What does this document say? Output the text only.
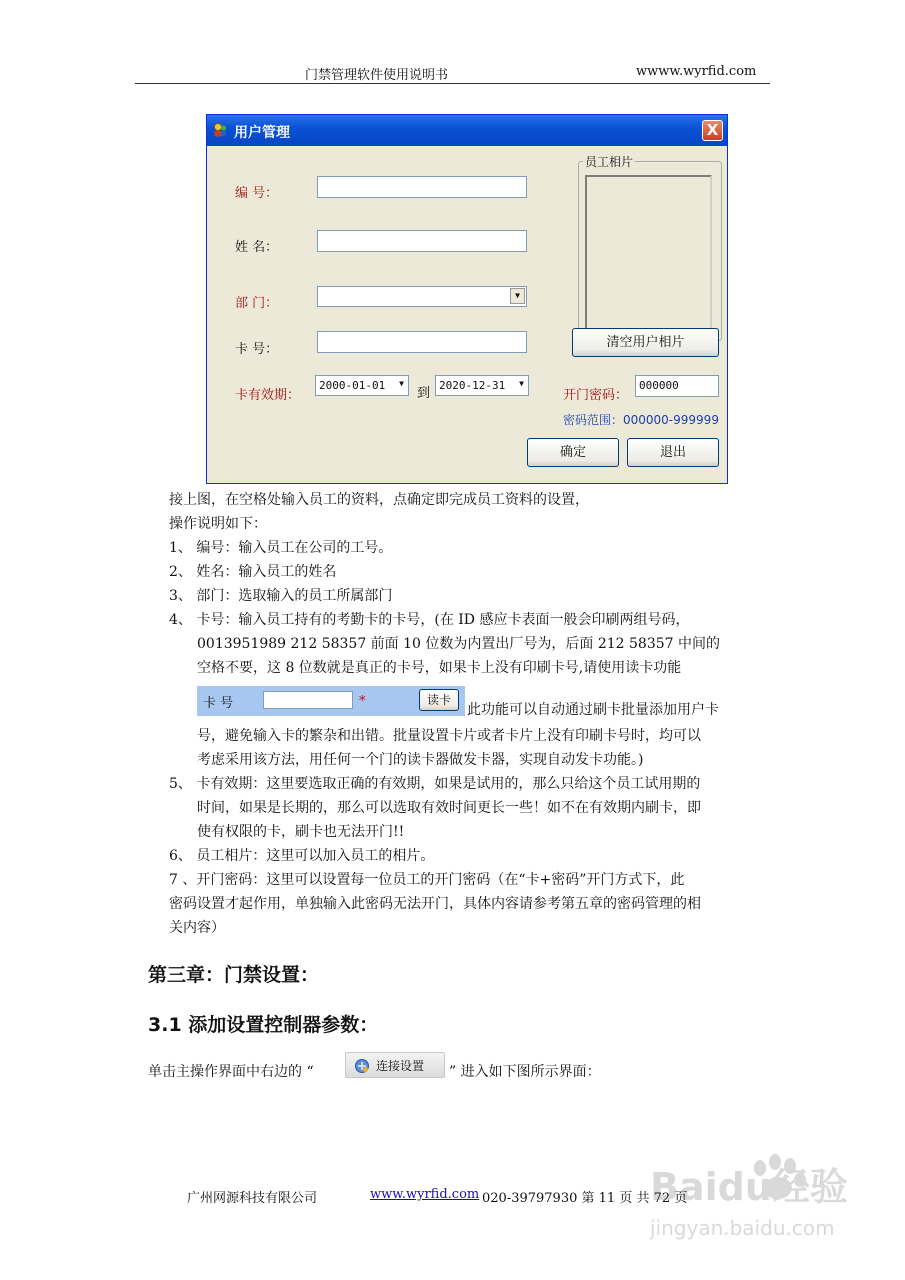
门禁管理软件使用说明书	wwww.wyrfid.com
用户管理	X
编 号：
姓 名：
部 门：
▼
卡 号：
卡有效期：
2000-01-01 ▼
到
2020-12-31 ▼
开门密码：
000000
密码范围：000000-999999
员工相片
清空用户相片
确定	退出
接上图，在空格处输入员工的资料，点确定即完成员工资料的设置，
操作说明如下：
1、 编号：输入员工在公司的工号。
2、 姓名：输入员工的姓名
3、 部门：选取输入的员工所属部门
4、 卡号：输入员工持有的考勤卡的卡号，(在 ID 感应卡表面一般会印刷两组号码，
0013951989 212 58357 前面 10 位数为内置出厂号为，后面 212 58357 中间的
空格不要，这 8 位数就是真正的卡号，如果卡上没有印刷卡号,请使用读卡功能
卡 号	*	读卡
此功能可以自动通过刷卡批量添加用户卡
号，避免输入卡的繁杂和出错。批量设置卡片或者卡片上没有印刷卡号时，均可以
考虑采用该方法，用任何一个门的读卡器做发卡器，实现自动发卡功能。)
5、 卡有效期：这里要选取正确的有效期，如果是试用的，那么只给这个员工试用期的
时间，如果是长期的，那么可以选取有效时间更长一些！如不在有效期内刷卡，即
使有权限的卡，刷卡也无法开门!!
6、 员工相片：这里可以加入员工的相片。
7 、开门密码：这里可以设置每一位员工的开门密码（在“卡+密码”开门方式下，此
密码设置才起作用，单独输入此密码无法开门，具体内容请参考第五章的密码管理的相
关内容）
第三章：门禁设置：
3.1 添加设置控制器参数：
单击主操作界面中右边的 “	连接设置 ” 进入如下图所示界面：
广州网源科技有限公司	www.wyrfid.com 020-39797930 第 11 页 共 72 页
Baidu经验
jingyan.baidu.com
